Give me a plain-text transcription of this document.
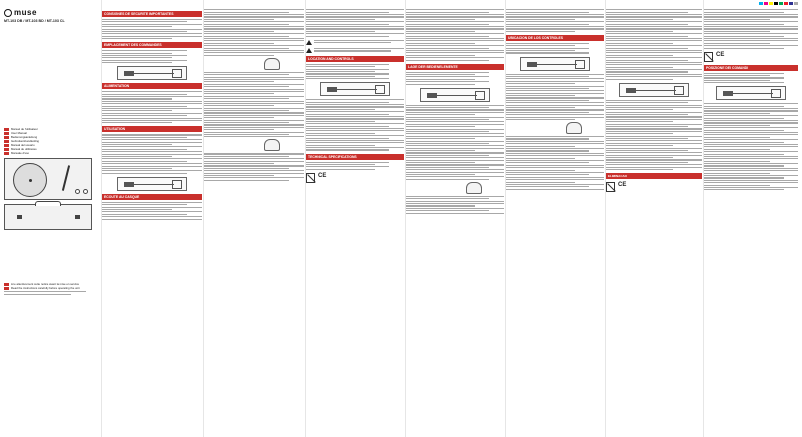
muse
MT-103 DB / MT-103 BD / MT-103 CL
Manuel de l'utilisateur
User Manual
Bedienungsanleitung
Gebruikershandleiding
Manual del usuario
Manual de utilizacao
Manuale d'uso
Lire attentivement cette notice avant la mise en service
Read the instructions carefully before operating the unit
CONSIGNES DE SECURITE IMPORTANTES
EMPLACEMENT DES COMMANDES
ALIMENTATION
UTILISATION
ECOUTE AU CASQUE
LOCATION AND CONTROLS
TECHNICAL SPECIFICATIONS
CE
LAGE DER BEDIENELEMENTE
UBICACION DE LOS CONTROLES
ELIMINACAO
CE
CE
POSIZIONE DEI COMANDI
